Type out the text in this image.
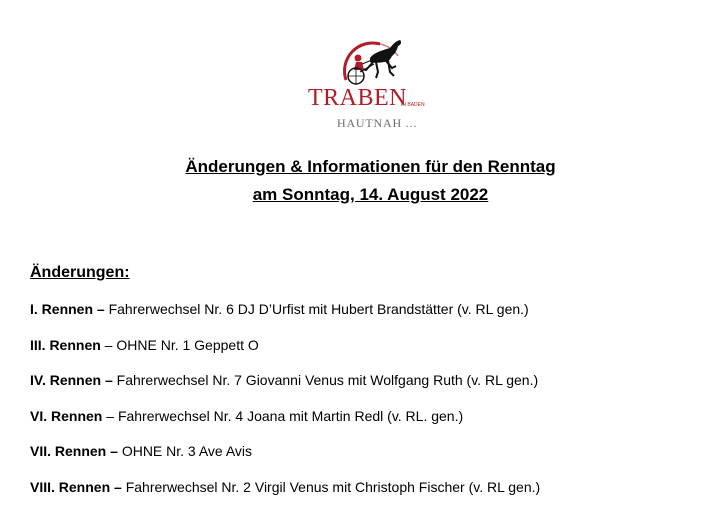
TRABEN
IN BADEN
HAUTNAH ...
Änderungen & Informationen für den Renntag
am Sonntag, 14. August 2022
Änderungen:
I. Rennen – Fahrerwechsel Nr. 6 DJ D’Urfist mit Hubert Brandstätter (v. RL gen.)
III. Rennen – OHNE Nr. 1 Geppett O
IV. Rennen – Fahrerwechsel Nr. 7 Giovanni Venus mit Wolfgang Ruth (v. RL gen.)
VI. Rennen – Fahrerwechsel Nr. 4 Joana mit Martin Redl (v. RL. gen.)
VII. Rennen – OHNE Nr. 3 Ave Avis
VIII. Rennen – Fahrerwechsel Nr. 2 Virgil Venus mit Christoph Fischer (v. RL gen.)
